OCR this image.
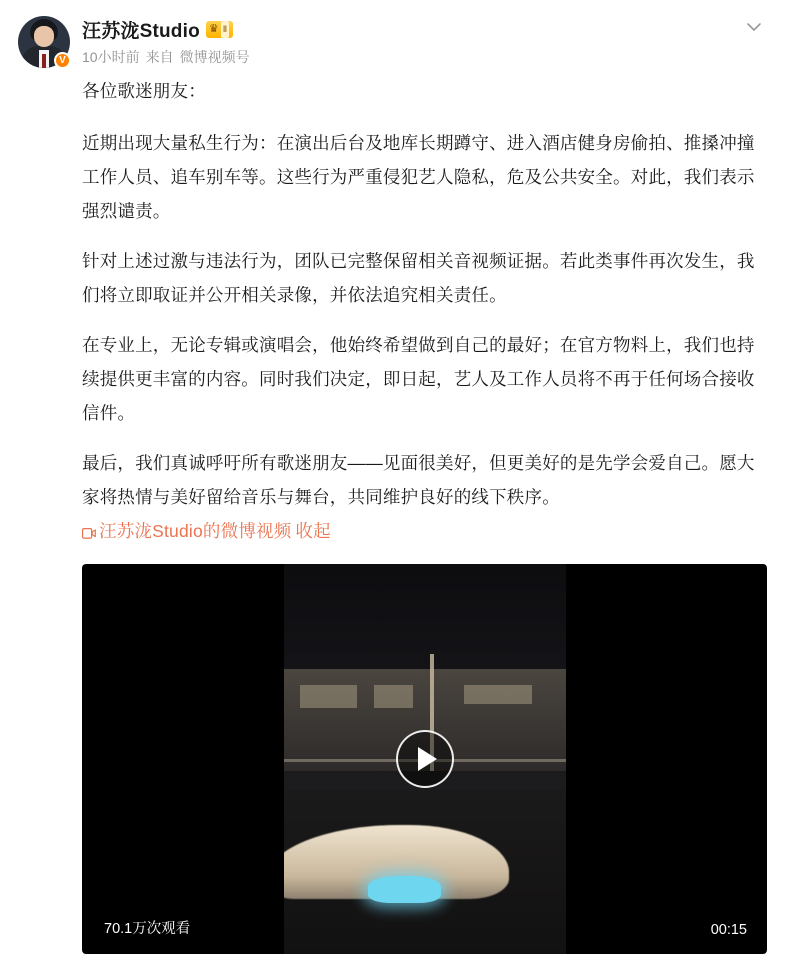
V
汪苏泷Studio ♛ Ⅱ
10小时前 来自 微博视频号

各位歌迷朋友：

近期出现大量私生行为：在演出后台及地库长期蹲守、进入酒店健身房偷拍、推搡冲撞工作人员、追车别车等。这些行为严重侵犯艺人隐私，危及公共安全。对此，我们表示强烈谴责。

针对上述过激与违法行为，团队已完整保留相关音视频证据。若此类事件再次发生，我们将立即取证并公开相关录像，并依法追究相关责任。

在专业上，无论专辑或演唱会，他始终希望做到自己的最好；在官方物料上，我们也持续提供更丰富的内容。同时我们决定，即日起，艺人及工作人员将不再于任何场合接收信件。

最后，我们真诚呼吁所有歌迷朋友——见面很美好，但更美好的是先学会爱自己。愿大家将热情与美好留给音乐与舞台，共同维护良好的线下秩序。汪苏泷Studio的微博视频 收起

70.1万次观看	00:15
